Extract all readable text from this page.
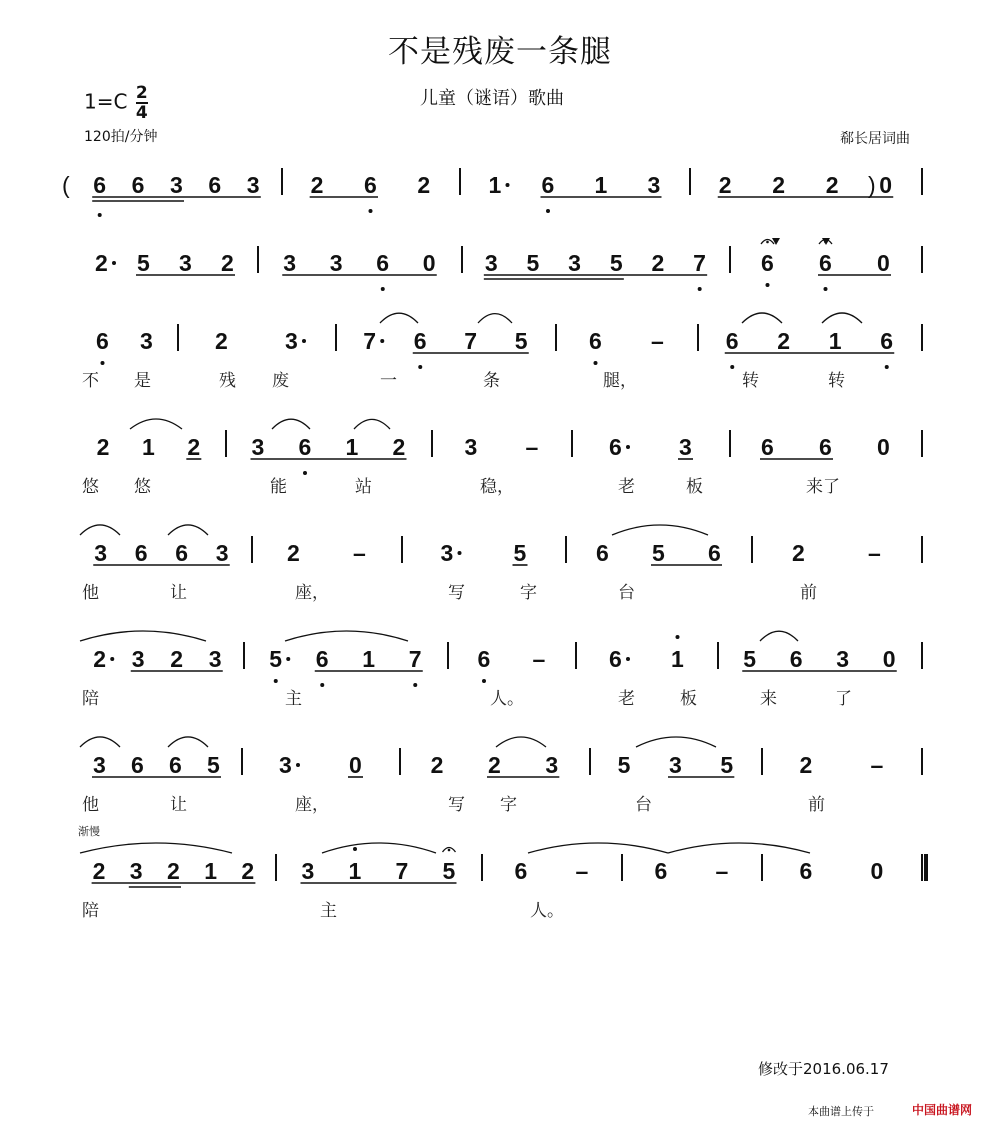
不是残废一条腿
$1=C \frac{2}{4}$	儿童（谜语）歌曲
120拍/分钟	郗长居词曲
( 6 6 3 6 3 2 6 2	1 6 1 3	2 2 2 0
)
2 5 3 2 3 3 6 0 3 5 3 5 2 7 6 6 0
6 3	2 3	7 6 7 5	6 –	6 2 1 6
不 是	残 废	一	条	腿，	转	转
2 1 2 3 6 1 2	3 –	6 3	6 6 0
悠 悠	能	站	稳，	老	板	来了
3 6 6 3	2 –	3	5	6 5 6	2	–
他	让	座，	写	字	台	前
2 3 2 3 5 6 1 7 6 –	6 1	5 6 3 0
陪	主	人。	老	板	来	了
3 6 6 5	3 0	2 2 3	5 3 5	2	–
他	让	座，	写 字	台	前
2 3 2 1 2 3 1 7 5	6 –	6 –	6	0
陪	主	人。
渐慢
修改于2016.06.17
本曲谱上传于	中国曲谱网
